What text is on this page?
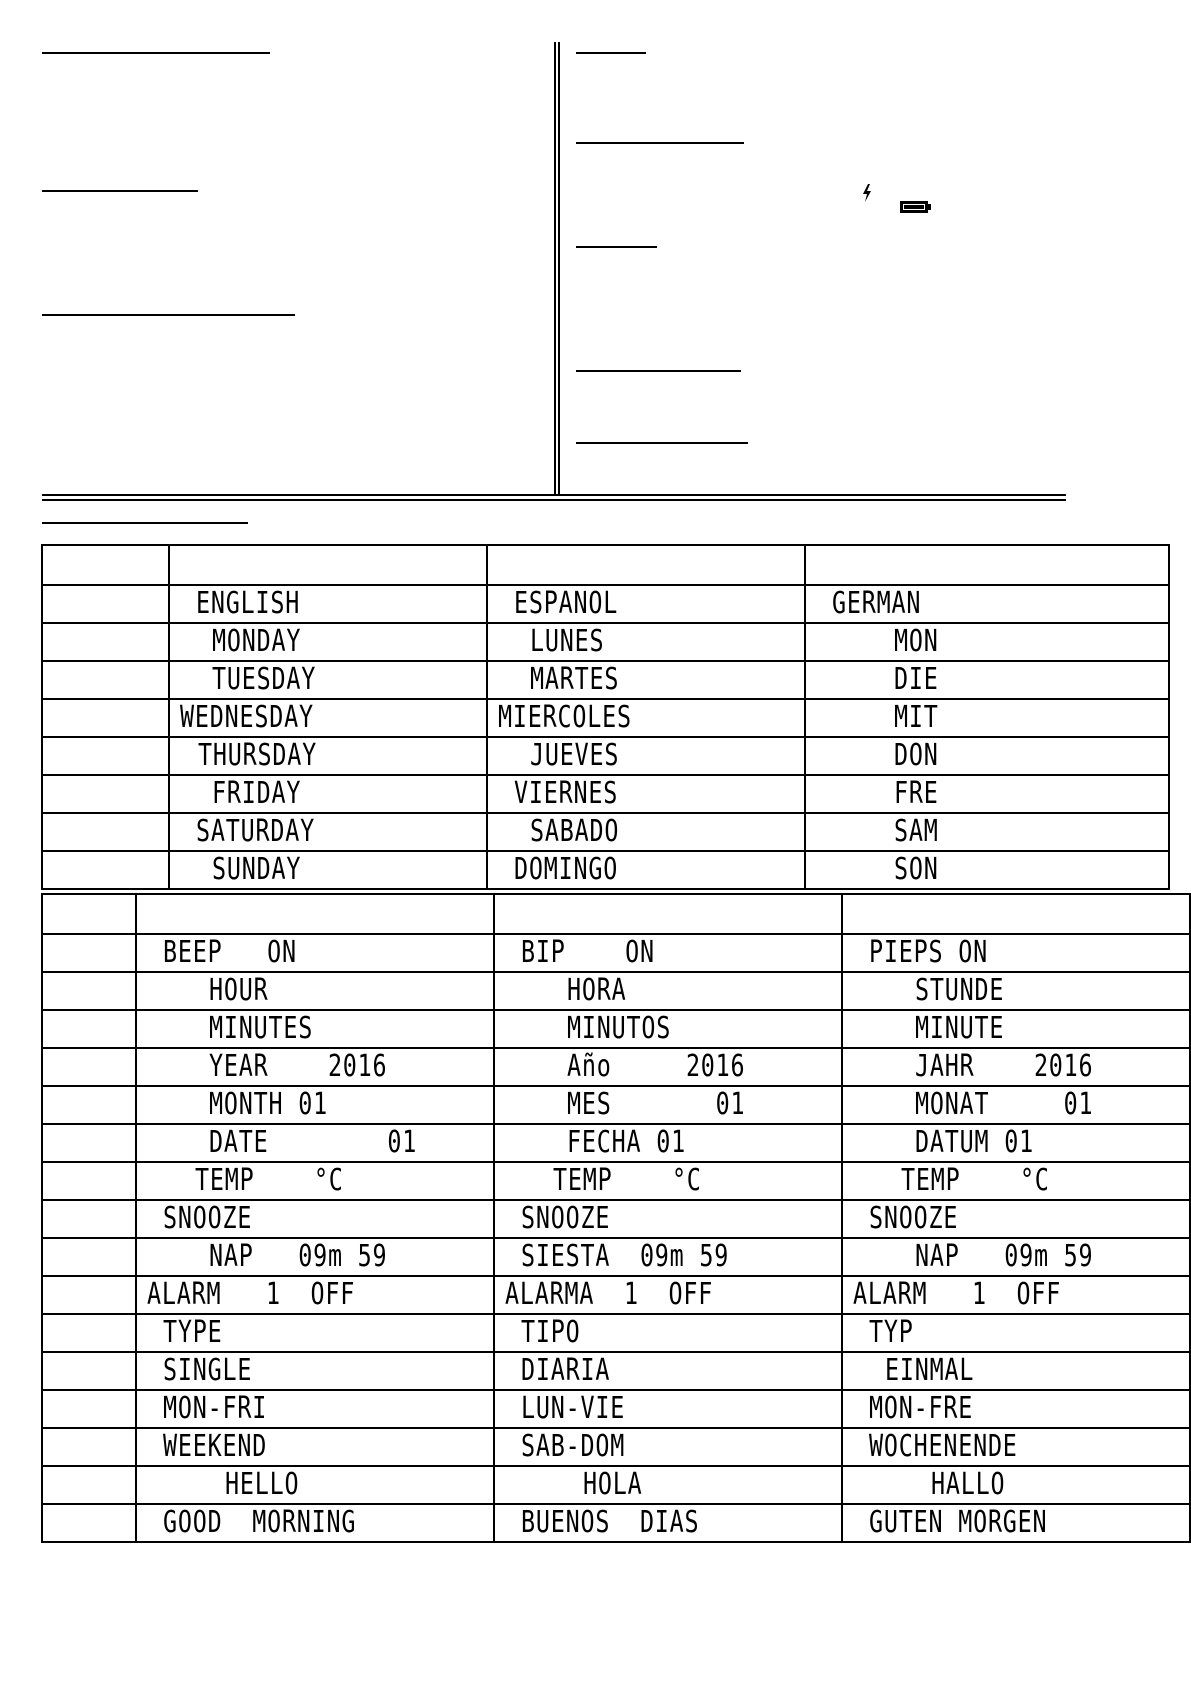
	ENGLISH	ESPANOL	GERMAN
	MONDAY	LUNES	MON
	TUESDAY	MARTES	DIE
	WEDNESDAY	MIERCOLES	MIT
	THURSDAY	JUEVES	DON
	FRIDAY	VIERNES	FRE
	SATURDAY	SABADO	SAM
	SUNDAY	DOMINGO	SON

	BEEP   ON	BIP    ON	PIEPS ON
	HOUR	HORA	STUNDE
	MINUTES	MINUTOS	MINUTE
	YEAR    2016	Año     2016	JAHR    2016
	MONTH 01	MES       01	MONAT     01
	DATE        01	FECHA 01	DATUM 01
	TEMP    °C	TEMP    °C	TEMP    °C
	SNOOZE	SNOOZE	SNOOZE
	NAP   09m 59	SIESTA  09m 59	NAP   09m 59
	ALARM   1  OFF	ALARMA  1  OFF	ALARM   1  OFF
	TYPE	TIPO	TYP
	SINGLE	DIARIA	EINMAL
	MON-FRI	LUN-VIE	MON-FRE
	WEEKEND	SAB-DOM	WOCHENENDE
	HELLO	HOLA	HALLO
	GOOD  MORNING	BUENOS  DIAS	GUTEN MORGEN
